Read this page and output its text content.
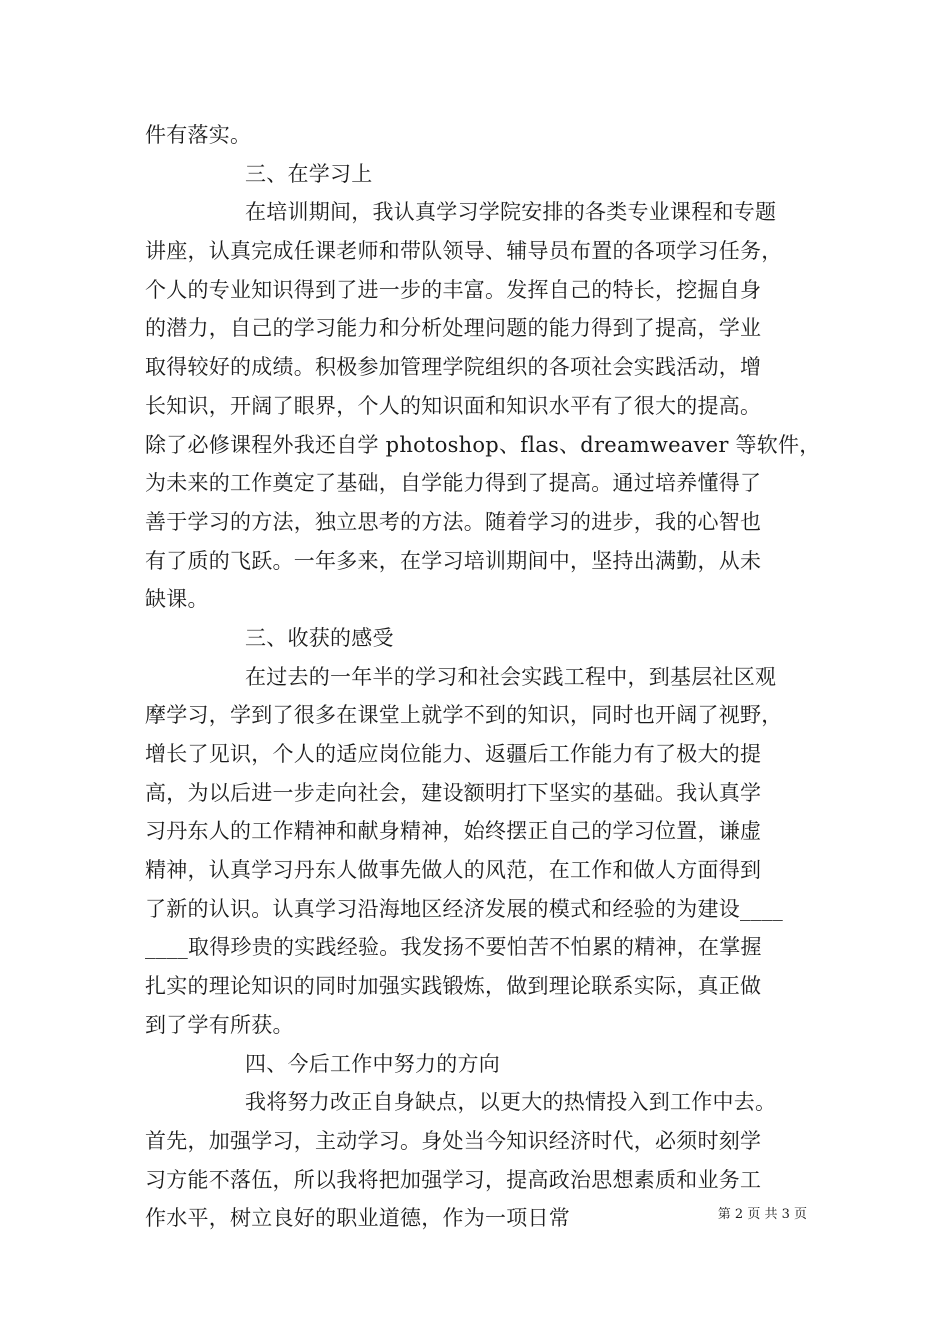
件有落实。
三、在学习上
在培训期间，我认真学习学院安排的各类专业课程和专题
讲座，认真完成任课老师和带队领导、辅导员布置的各项学习任务，
个人的专业知识得到了进一步的丰富。发挥自己的特长，挖掘自身
的潜力，自己的学习能力和分析处理问题的能力得到了提高，学业
取得较好的成绩。积极参加管理学院组织的各项社会实践活动，增
长知识，开阔了眼界，个人的知识面和知识水平有了很大的提高。
除了必修课程外我还自学 photoshop、flas、dreamweaver 等软件，
为未来的工作奠定了基础，自学能力得到了提高。通过培养懂得了
善于学习的方法，独立思考的方法。随着学习的进步，我的心智也
有了质的飞跃。一年多来，在学习培训期间中，坚持出满勤，从未
缺课。
三、收获的感受
在过去的一年半的学习和社会实践工程中，到基层社区观
摩学习，学到了很多在课堂上就学不到的知识，同时也开阔了视野，
增长了见识，个人的适应岗位能力、返疆后工作能力有了极大的提
高，为以后进一步走向社会，建设额明打下坚实的基础。我认真学
习丹东人的工作精神和献身精神，始终摆正自己的学习位置，谦虚
精神，认真学习丹东人做事先做人的风范，在工作和做人方面得到
了新的认识。认真学习沿海地区经济发展的模式和经验的为建设____
____取得珍贵的实践经验。我发扬不要怕苦不怕累的精神，在掌握
扎实的理论知识的同时加强实践锻炼，做到理论联系实际，真正做
到了学有所获。
四、今后工作中努力的方向
我将努力改正自身缺点，以更大的热情投入到工作中去。
首先，加强学习，主动学习。身处当今知识经济时代，必须时刻学
习方能不落伍，所以我将把加强学习，提高政治思想素质和业务工
作水平，树立良好的职业道德，作为一项日常	第 2 页 共 3 页
